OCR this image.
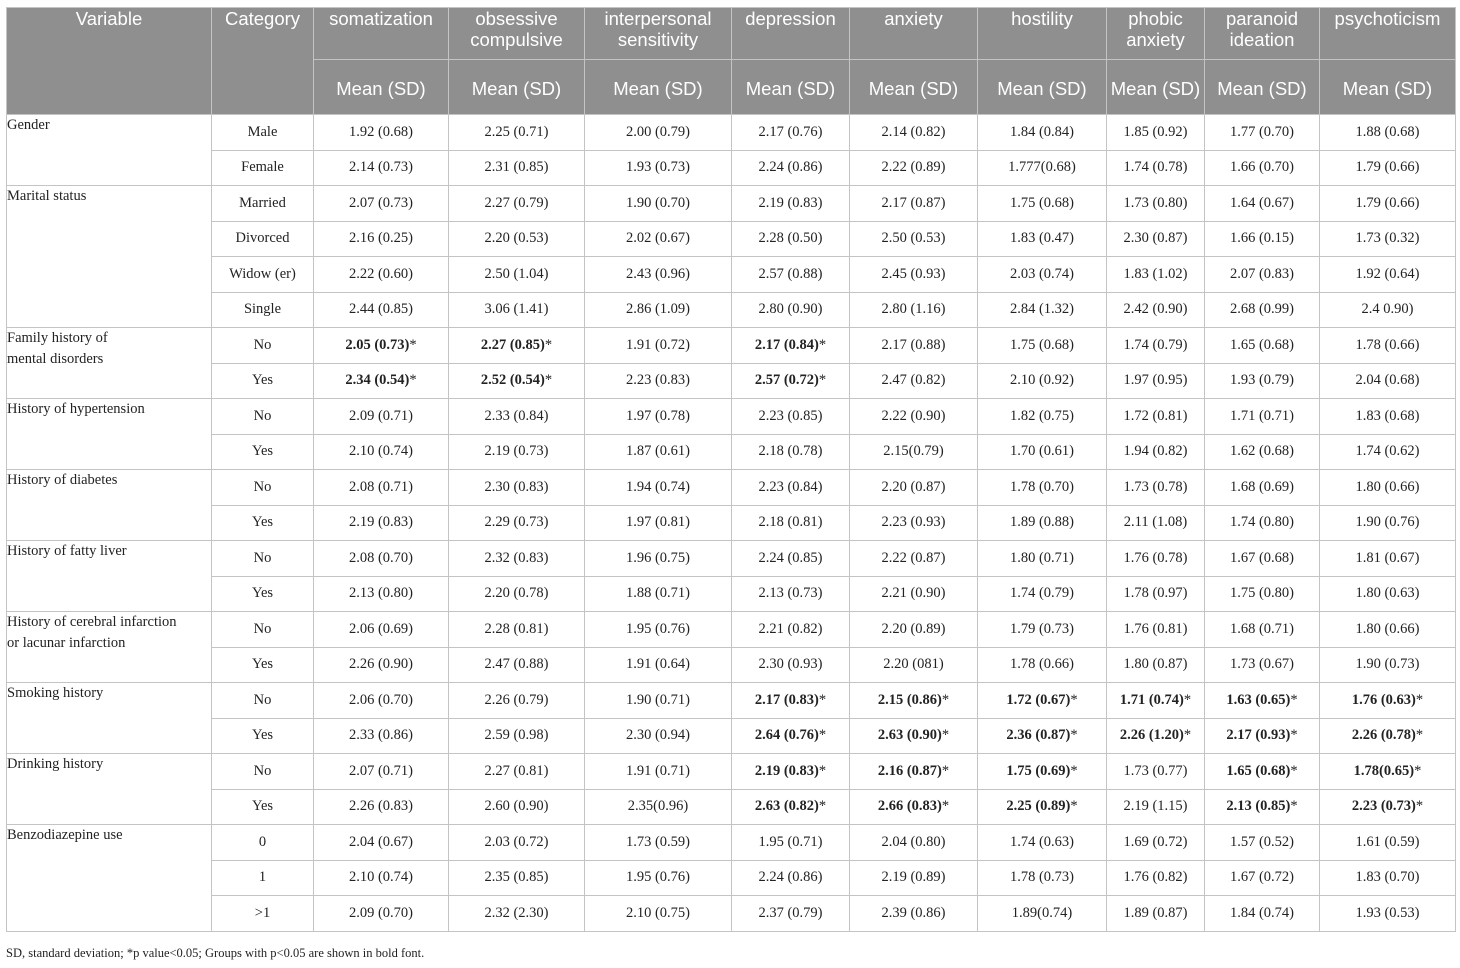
Variable	Category	somatization	obsessive compulsive	interpersonal sensitivity	depression	anxiety	hostility	phobic anxiety	paranoid ideation	psychoticism
		Mean (SD)	Mean (SD)	Mean (SD)	Mean (SD)	Mean (SD)	Mean (SD)	Mean (SD)	Mean (SD)	Mean (SD)
Gender	Male	1.92 (0.68)	2.25 (0.71)	2.00 (0.79)	2.17 (0.76)	2.14 (0.82)	1.84 (0.84)	1.85 (0.92)	1.77 (0.70)	1.88 (0.68)
	Female	2.14 (0.73)	2.31 (0.85)	1.93 (0.73)	2.24 (0.86)	2.22 (0.89)	1.777(0.68)	1.74 (0.78)	1.66 (0.70)	1.79 (0.66)
Marital status	Married	2.07 (0.73)	2.27 (0.79)	1.90 (0.70)	2.19 (0.83)	2.17 (0.87)	1.75 (0.68)	1.73 (0.80)	1.64 (0.67)	1.79 (0.66)
	Divorced	2.16 (0.25)	2.20 (0.53)	2.02 (0.67)	2.28 (0.50)	2.50 (0.53)	1.83 (0.47)	2.30 (0.87)	1.66 (0.15)	1.73 (0.32)
	Widow (er)	2.22 (0.60)	2.50 (1.04)	2.43 (0.96)	2.57 (0.88)	2.45 (0.93)	2.03 (0.74)	1.83 (1.02)	2.07 (0.83)	1.92 (0.64)
	Single	2.44 (0.85)	3.06 (1.41)	2.86 (1.09)	2.80 (0.90)	2.80 (1.16)	2.84 (1.32)	2.42 (0.90)	2.68 (0.99)	2.4 0.90)
Family history of
mental disorders	No	2.05 (0.73)*	2.27 (0.85)*	1.91 (0.72)	2.17 (0.84)*	2.17 (0.88)	1.75 (0.68)	1.74 (0.79)	1.65 (0.68)	1.78 (0.66)
	Yes	2.34 (0.54)*	2.52 (0.54)*	2.23 (0.83)	2.57 (0.72)*	2.47 (0.82)	2.10 (0.92)	1.97 (0.95)	1.93 (0.79)	2.04 (0.68)
History of hypertension	No	2.09 (0.71)	2.33 (0.84)	1.97 (0.78)	2.23 (0.85)	2.22 (0.90)	1.82 (0.75)	1.72 (0.81)	1.71 (0.71)	1.83 (0.68)
	Yes	2.10 (0.74)	2.19 (0.73)	1.87 (0.61)	2.18 (0.78)	2.15(0.79)	1.70 (0.61)	1.94 (0.82)	1.62 (0.68)	1.74 (0.62)
History of diabetes	No	2.08 (0.71)	2.30 (0.83)	1.94 (0.74)	2.23 (0.84)	2.20 (0.87)	1.78 (0.70)	1.73 (0.78)	1.68 (0.69)	1.80 (0.66)
	Yes	2.19 (0.83)	2.29 (0.73)	1.97 (0.81)	2.18 (0.81)	2.23 (0.93)	1.89 (0.88)	2.11 (1.08)	1.74 (0.80)	1.90 (0.76)
History of fatty liver	No	2.08 (0.70)	2.32 (0.83)	1.96 (0.75)	2.24 (0.85)	2.22 (0.87)	1.80 (0.71)	1.76 (0.78)	1.67 (0.68)	1.81 (0.67)
	Yes	2.13 (0.80)	2.20 (0.78)	1.88 (0.71)	2.13 (0.73)	2.21 (0.90)	1.74 (0.79)	1.78 (0.97)	1.75 (0.80)	1.80 (0.63)
History of cerebral infarction
or lacunar infarction	No	2.06 (0.69)	2.28 (0.81)	1.95 (0.76)	2.21 (0.82)	2.20 (0.89)	1.79 (0.73)	1.76 (0.81)	1.68 (0.71)	1.80 (0.66)
	Yes	2.26 (0.90)	2.47 (0.88)	1.91 (0.64)	2.30 (0.93)	2.20 (081)	1.78 (0.66)	1.80 (0.87)	1.73 (0.67)	1.90 (0.73)
Smoking history	No	2.06 (0.70)	2.26 (0.79)	1.90 (0.71)	2.17 (0.83)*	2.15 (0.86)*	1.72 (0.67)*	1.71 (0.74)*	1.63 (0.65)*	1.76 (0.63)*
	Yes	2.33 (0.86)	2.59 (0.98)	2.30 (0.94)	2.64 (0.76)*	2.63 (0.90)*	2.36 (0.87)*	2.26 (1.20)*	2.17 (0.93)*	2.26 (0.78)*
Drinking history	No	2.07 (0.71)	2.27 (0.81)	1.91 (0.71)	2.19 (0.83)*	2.16 (0.87)*	1.75 (0.69)*	1.73 (0.77)	1.65 (0.68)*	1.78(0.65)*
	Yes	2.26 (0.83)	2.60 (0.90)	2.35(0.96)	2.63 (0.82)*	2.66 (0.83)*	2.25 (0.89)*	2.19 (1.15)	2.13 (0.85)*	2.23 (0.73)*
Benzodiazepine use	0	2.04 (0.67)	2.03 (0.72)	1.73 (0.59)	1.95 (0.71)	2.04 (0.80)	1.74 (0.63)	1.69 (0.72)	1.57 (0.52)	1.61 (0.59)
	1	2.10 (0.74)	2.35 (0.85)	1.95 (0.76)	2.24 (0.86)	2.19 (0.89)	1.78 (0.73)	1.76 (0.82)	1.67 (0.72)	1.83 (0.70)
	>1	2.09 (0.70)	2.32 (2.30)	2.10 (0.75)	2.37 (0.79)	2.39 (0.86)	1.89(0.74)	1.89 (0.87)	1.84 (0.74)	1.93 (0.53)
SD, standard deviation; *p value<0.05; Groups with p<0.05 are shown in bold font.
